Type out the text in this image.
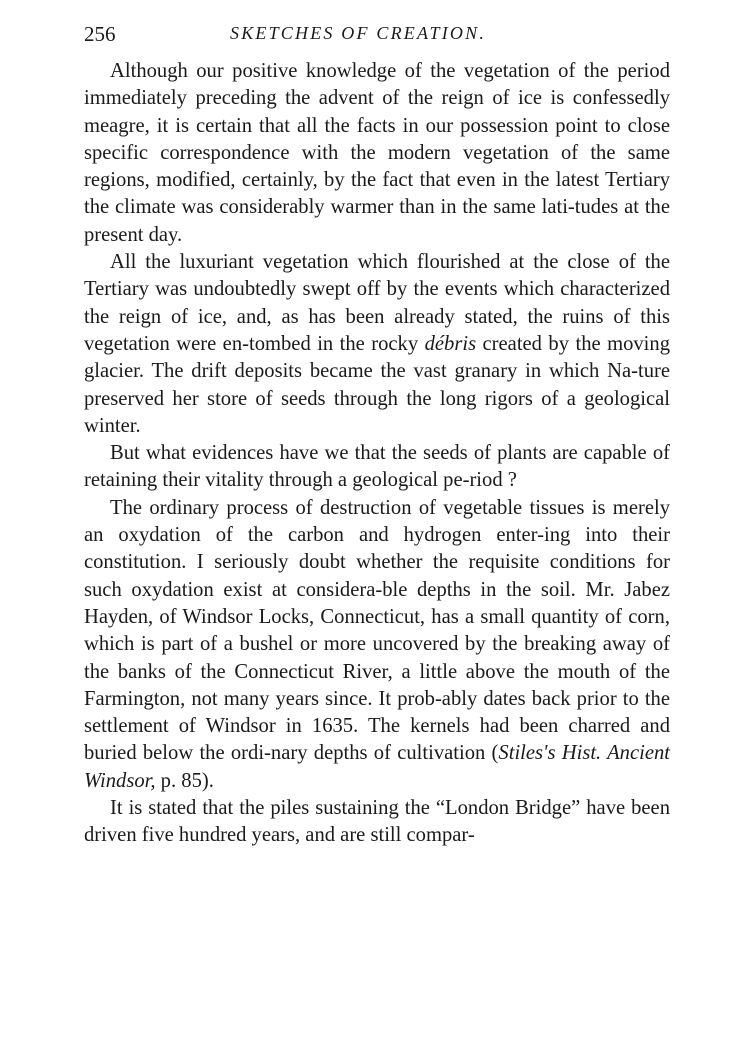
256	SKETCHES OF CREATION.

Although our positive knowledge of the vegetation of the period immediately preceding the advent of the reign of ice is confessedly meagre, it is certain that all the facts in our possession point to close specific correspondence with the modern vegetation of the same regions, modified, certainly, by the fact that even in the latest Tertiary the climate was considerably warmer than in the same lati-tudes at the present day.

All the luxuriant vegetation which flourished at the close of the Tertiary was undoubtedly swept off by the events which characterized the reign of ice, and, as has been already stated, the ruins of this vegetation were en-tombed in the rocky débris created by the moving glacier. The drift deposits became the vast granary in which Na-ture preserved her store of seeds through the long rigors of a geological winter.

But what evidences have we that the seeds of plants are capable of retaining their vitality through a geological pe-riod ?

The ordinary process of destruction of vegetable tissues is merely an oxydation of the carbon and hydrogen enter-ing into their constitution. I seriously doubt whether the requisite conditions for such oxydation exist at considera-ble depths in the soil. Mr. Jabez Hayden, of Windsor Locks, Connecticut, has a small quantity of corn, which is part of a bushel or more uncovered by the breaking away of the banks of the Connecticut River, a little above the mouth of the Farmington, not many years since. It prob-ably dates back prior to the settlement of Windsor in 1635. The kernels had been charred and buried below the ordi-nary depths of cultivation (Stiles's Hist. Ancient Windsor, p. 85).

It is stated that the piles sustaining the “London Bridge” have been driven five hundred years, and are still compar-
